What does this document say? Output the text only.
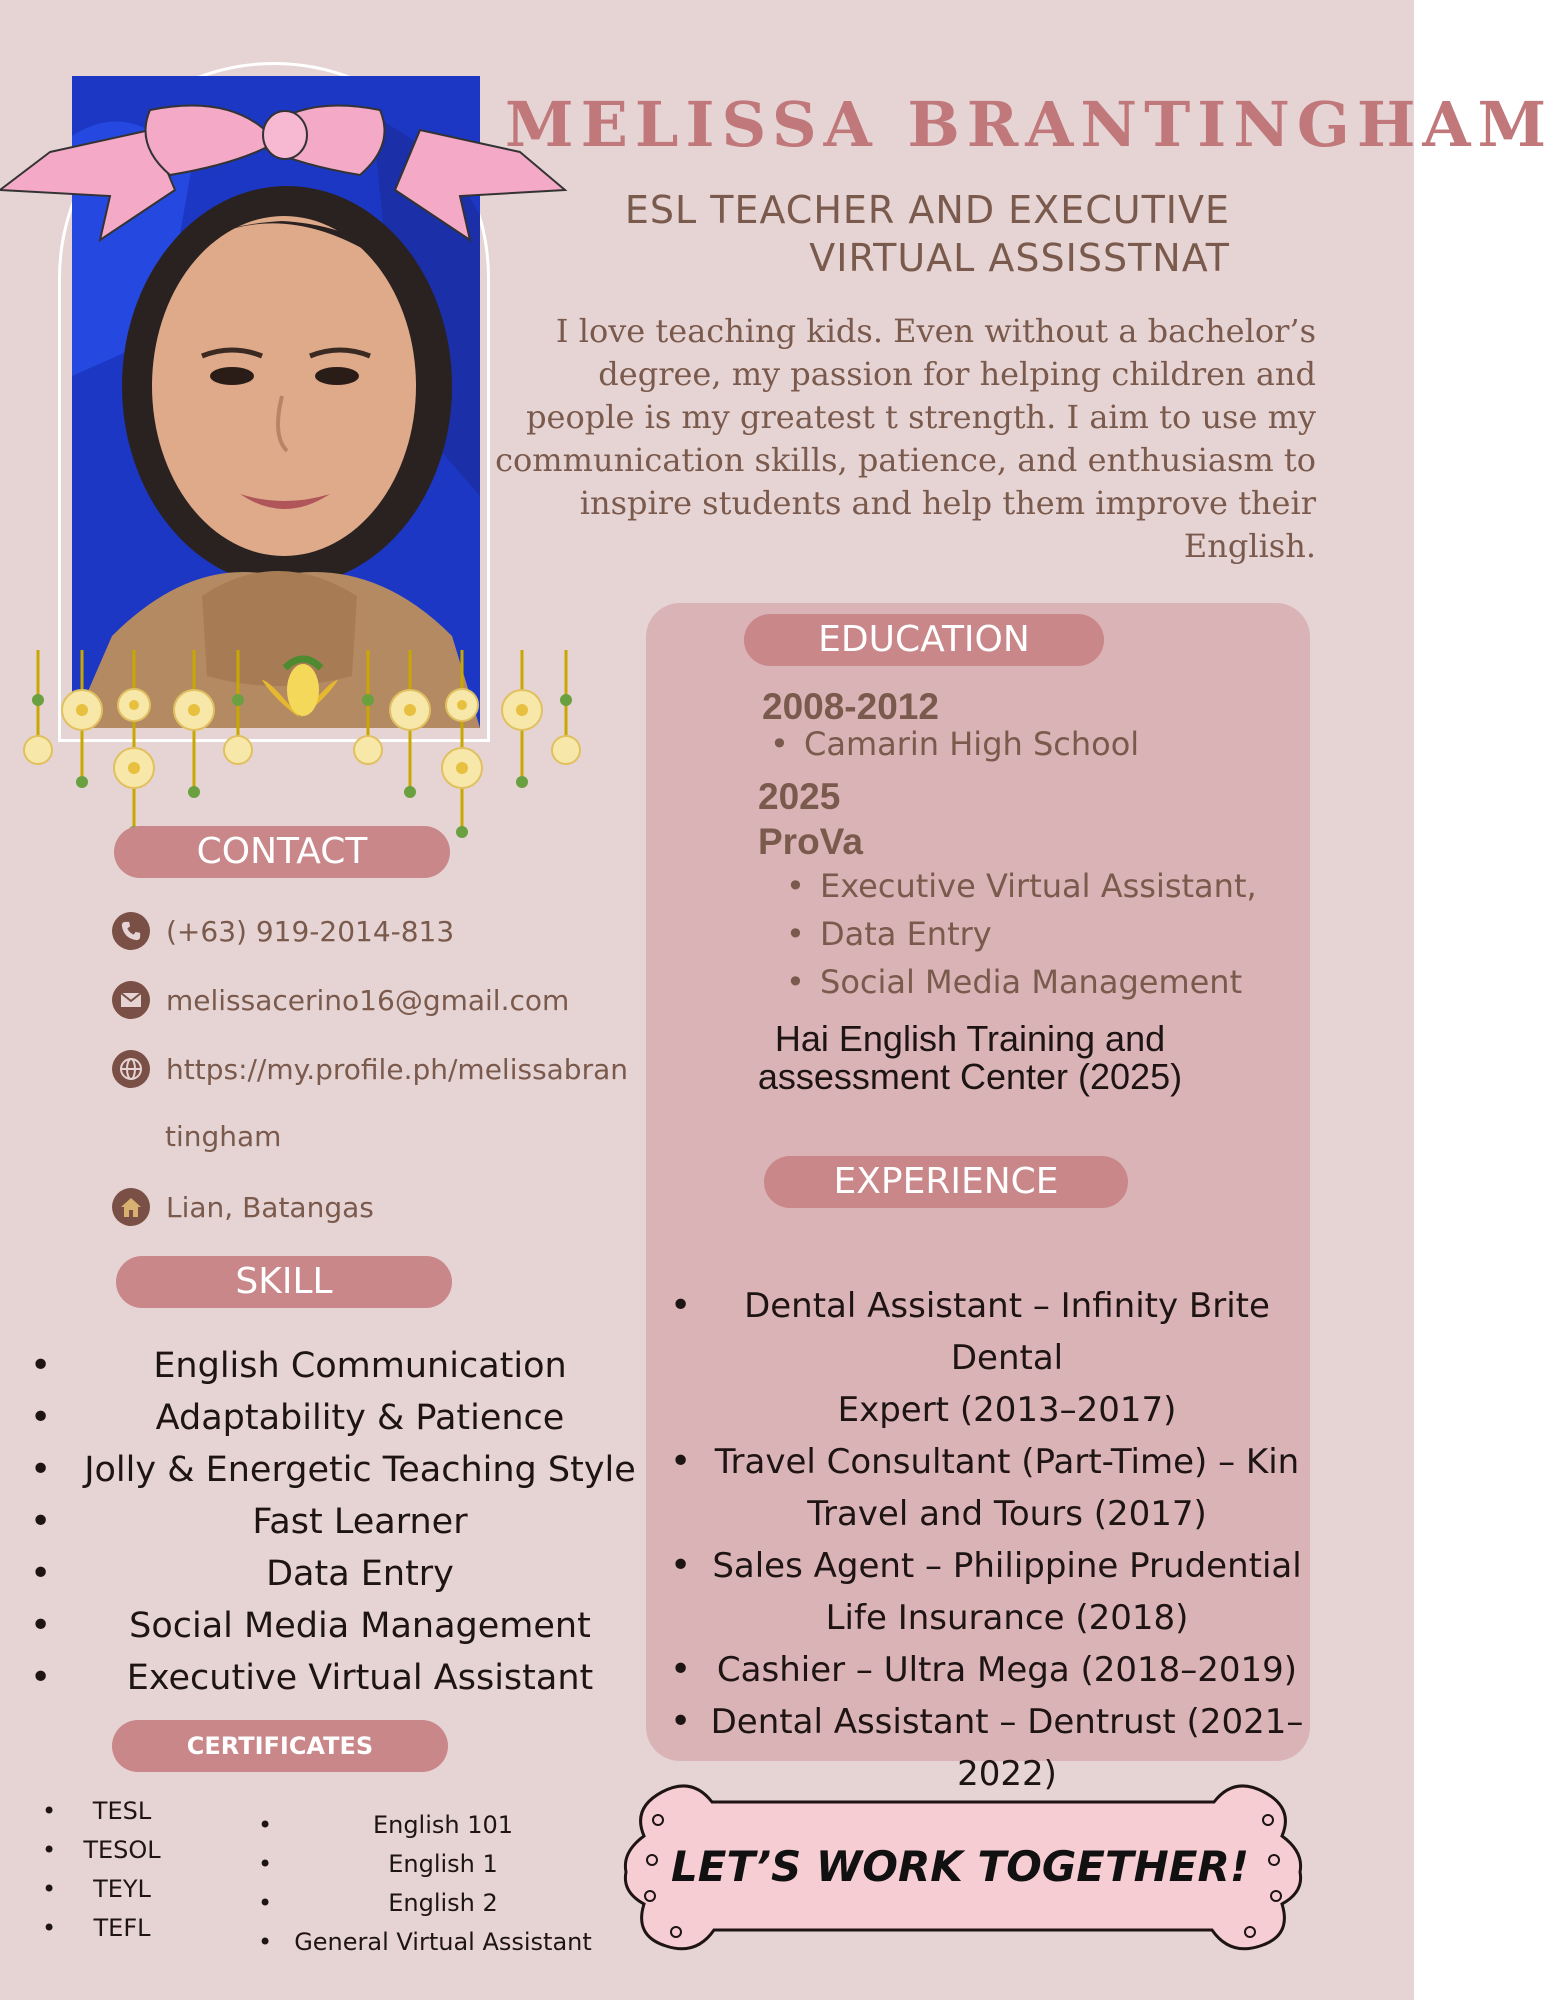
MELISSA BRANTINGHAM
ESL TEACHER AND EXECUTIVE
VIRTUAL ASSISSTNAT
I love teaching kids. Even without a bachelor’s degree, my passion for helping children and people is my greatest t strength. I aim to use my communication skills, patience, and enthusiasm to inspire students and help them improve their English.
CONTACT
(+63) 919-2014-813
melissacerino16@gmail.com
https://my.profile.ph/melissabran
tingham
Lian, Batangas
SKILL
•	English Communication
•	Adaptability & Patience
• Jolly & Energetic Teaching Style
•	Fast Learner
•	Data Entry
• Social Media Management
• Executive Virtual Assistant
CERTIFICATES
• TESL
• TESOL
• TEYL
• TEFL
•	English 101
•	English 1
•	English 2
• General Virtual Assistant
EDUCATION
2008-2012
• Camarin High School
2025
ProVa
• Executive Virtual Assistant,
• Data Entry
• Social Media Management
Hai English Training and
assessment Center (2025)
EXPERIENCE
•	Dental Assistant – Infinity Brite Dental
Expert (2013–2017)
• Travel Consultant (Part-Time) – Kin
Travel and Tours (2017)
• Sales Agent – Philippine Prudential
Life Insurance (2018)
• Cashier – Ultra Mega (2018–2019)
• Dental Assistant – Dentrust (2021–
2022)
LET’S WORK TOGETHER!
